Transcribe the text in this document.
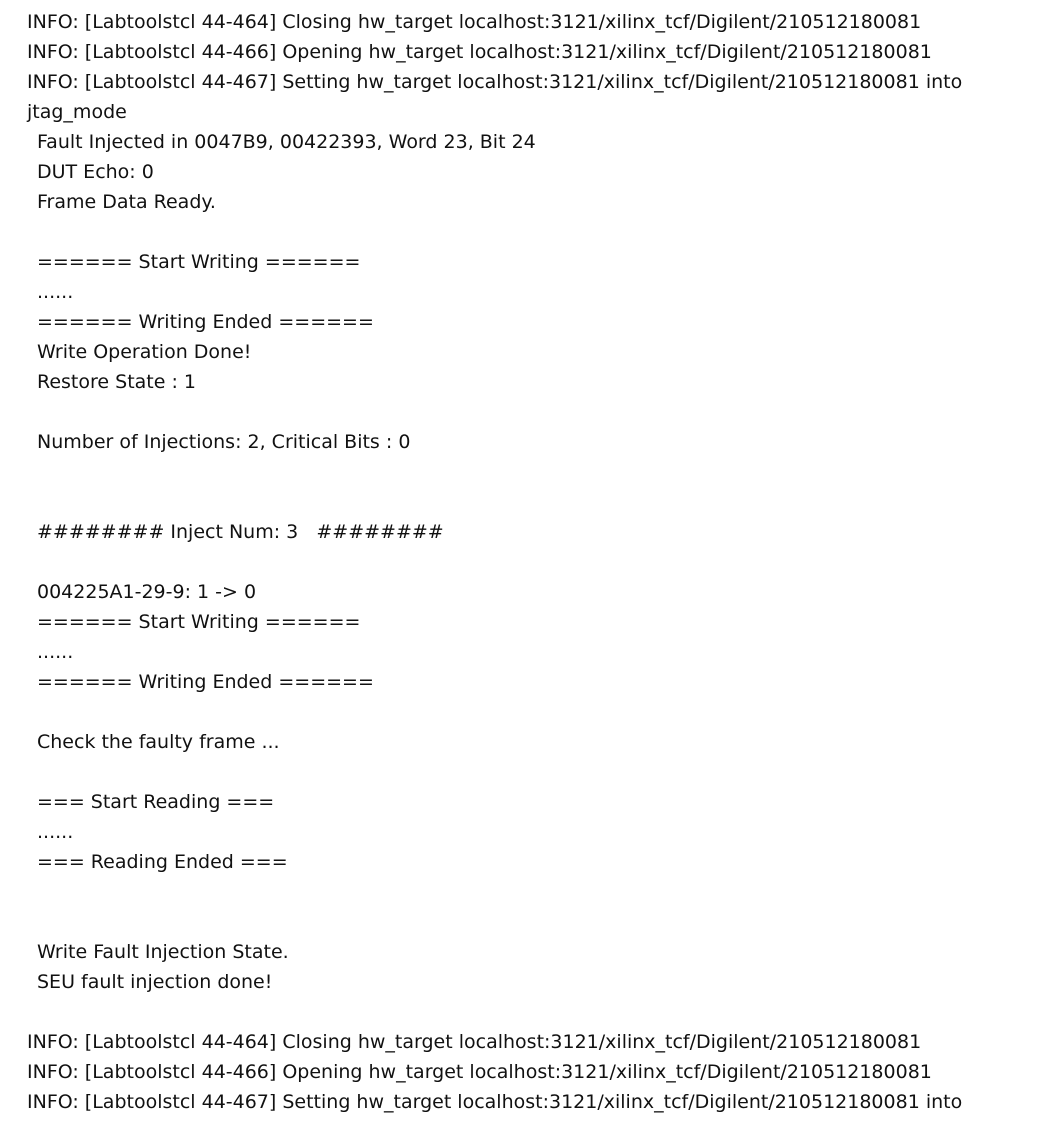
INFO: [Labtoolstcl 44-464] Closing hw_target localhost:3121/xilinx_tcf/Digilent/210512180081
INFO: [Labtoolstcl 44-466] Opening hw_target localhost:3121/xilinx_tcf/Digilent/210512180081
INFO: [Labtoolstcl 44-467] Setting hw_target localhost:3121/xilinx_tcf/Digilent/210512180081 into
jtag_mode
Fault Injected in 0047B9, 00422393, Word 23, Bit 24
DUT Echo: 0
Frame Data Ready.
====== Start Writing ======
......
====== Writing Ended ======
Write Operation Done!
Restore State : 1
Number of Injections: 2, Critical Bits : 0
######## Inject Num: 3   ########
004225A1-29-9: 1 -> 0
====== Start Writing ======
......
====== Writing Ended ======
Check the faulty frame ...
=== Start Reading ===
......
=== Reading Ended ===
Write Fault Injection State.
SEU fault injection done!
INFO: [Labtoolstcl 44-464] Closing hw_target localhost:3121/xilinx_tcf/Digilent/210512180081
INFO: [Labtoolstcl 44-466] Opening hw_target localhost:3121/xilinx_tcf/Digilent/210512180081
INFO: [Labtoolstcl 44-467] Setting hw_target localhost:3121/xilinx_tcf/Digilent/210512180081 into
